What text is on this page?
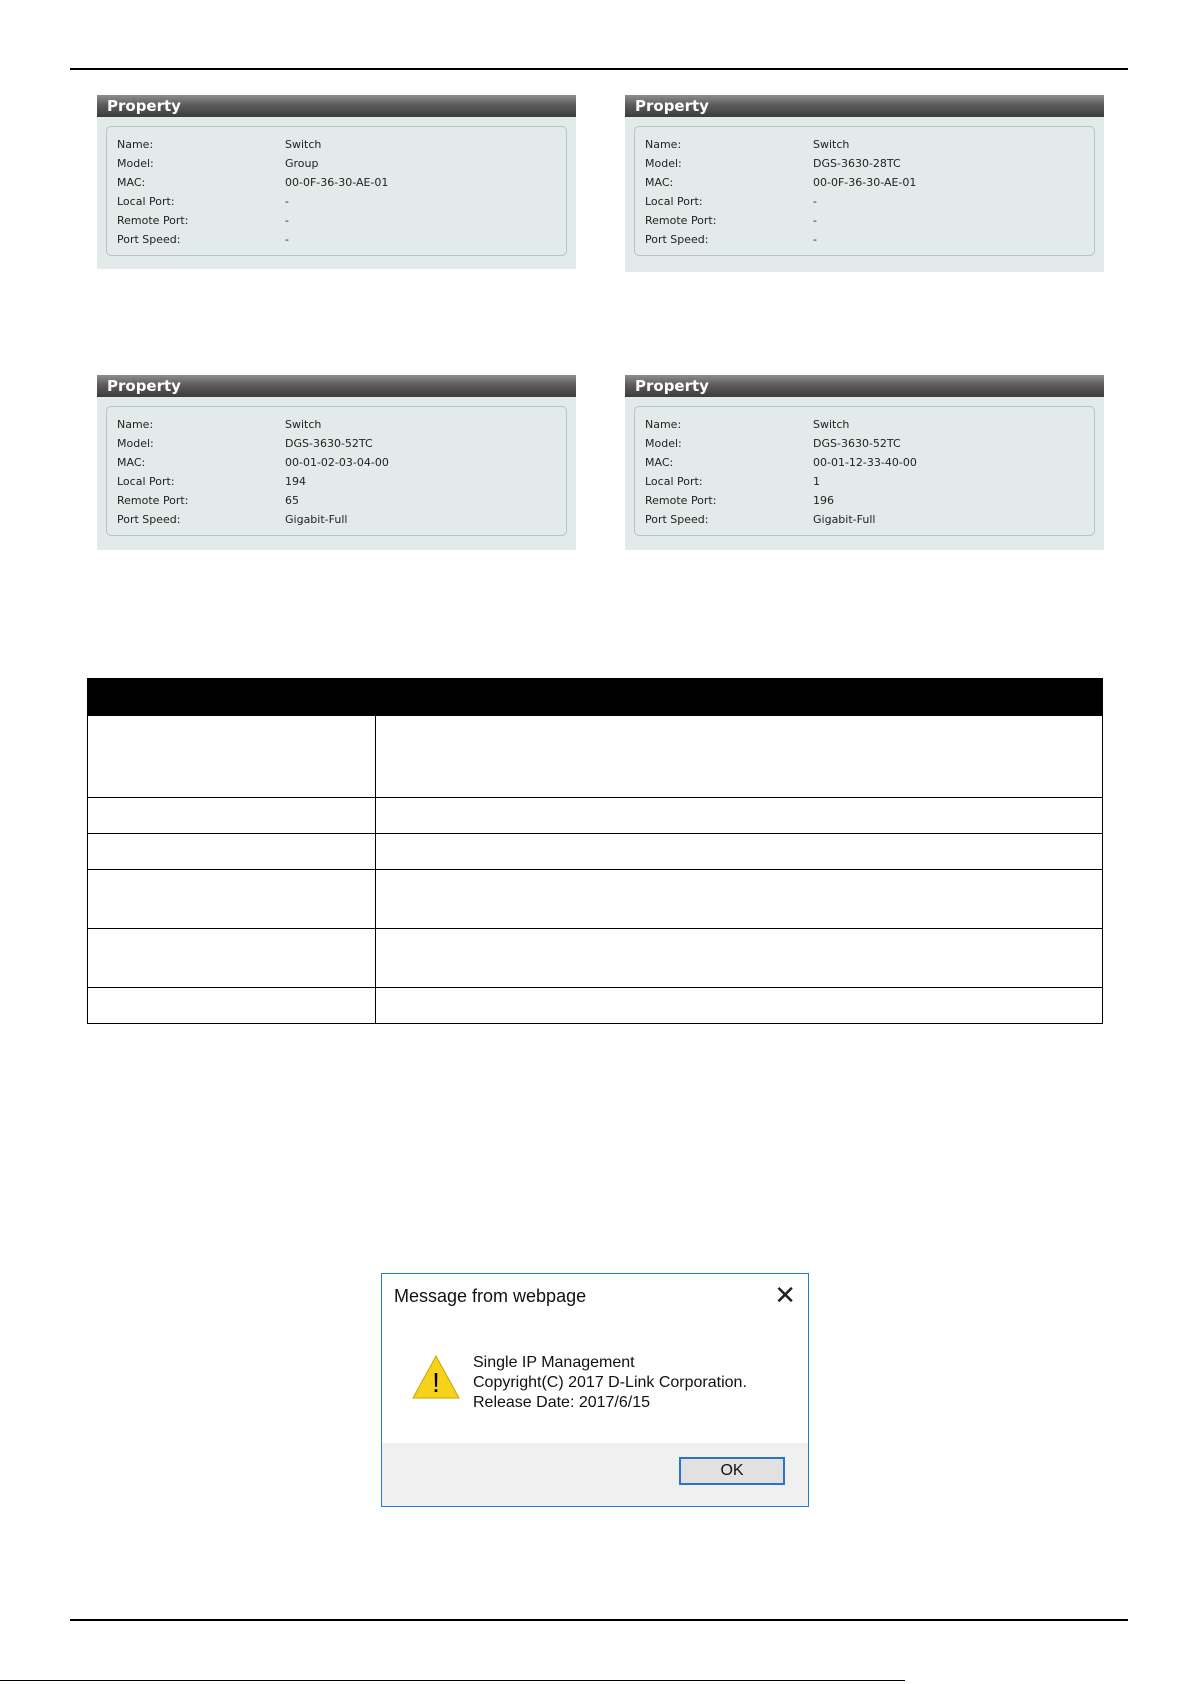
Property
Name:	Switch
Model:	Group
MAC:	00-0F-36-30-AE-01
Local Port:	-
Remote Port:	-
Port Speed:	-
Property
Name:	Switch
Model:	DGS-3630-28TC
MAC:	00-0F-36-30-AE-01
Local Port:	-
Remote Port:	-
Port Speed:	-
Property
Name:	Switch
Model:	DGS-3630-52TC
MAC:	00-01-02-03-04-00
Local Port:	194
Remote Port:	65
Port Speed:	Gigabit-Full
Property
Name:	Switch
Model:	DGS-3630-52TC
MAC:	00-01-12-33-40-00
Local Port:	1
Remote Port:	196
Port Speed:	Gigabit-Full

Message from webpage	✕
!
Single IP Management
Copyright(C) 2017 D-Link Corporation.
Release Date: 2017/6/15
OK
